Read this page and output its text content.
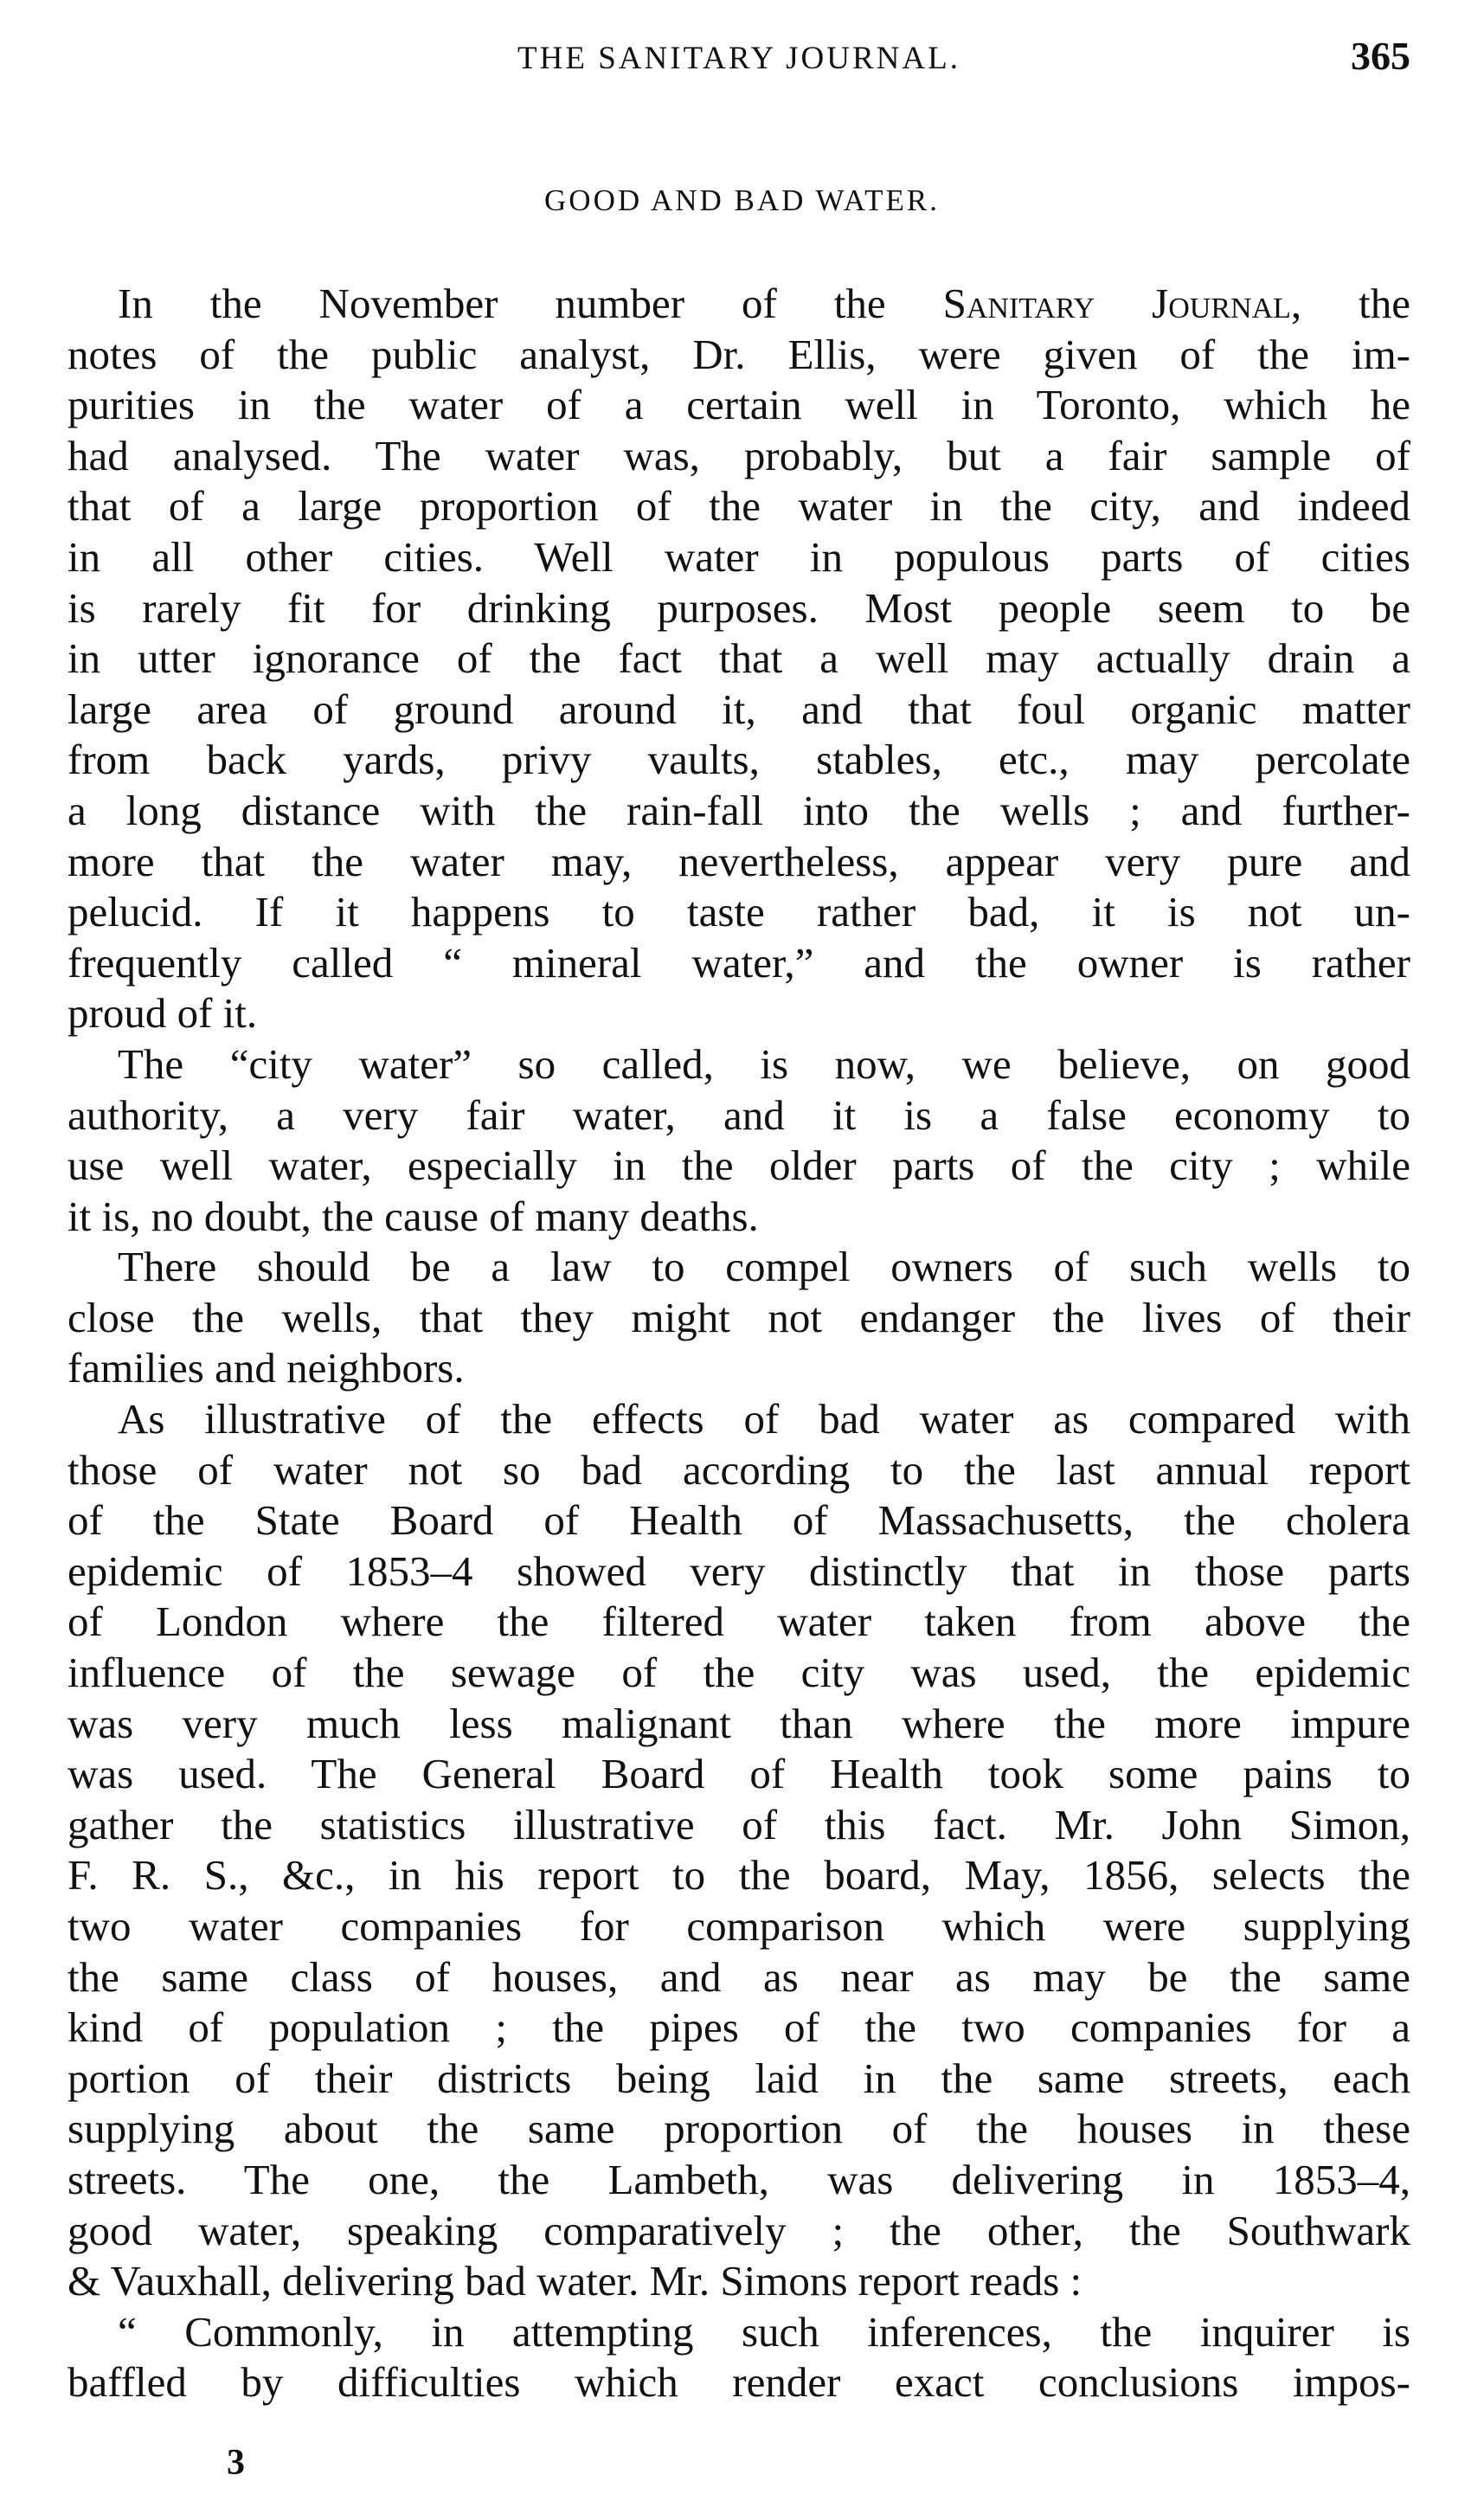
THE SANITARY JOURNAL.	365
GOOD AND BAD WATER.
In the November number of the Sanitary Journal, the
notes of the public analyst, Dr. Ellis, were given of the im-
purities in the water of a certain well in Toronto, which he
had analysed. The water was, probably, but a fair sample of
that of a large proportion of the water in the city, and indeed
in all other cities. Well water in populous parts of cities
is rarely fit for drinking purposes. Most people seem to be
in utter ignorance of the fact that a well may actually drain a
large area of ground around it, and that foul organic matter
from back yards, privy vaults, stables, etc., may percolate
a long distance with the rain-fall into the wells ; and further-
more that the water may, nevertheless, appear very pure and
pelucid. If it happens to taste rather bad, it is not un-
frequently called “ mineral water,” and the owner is rather
proud of it.
The “city water” so called, is now, we believe, on good
authority, a very fair water, and it is a false economy to
use well water, especially in the older parts of the city ; while
it is, no doubt, the cause of many deaths.
There should be a law to compel owners of such wells to
close the wells, that they might not endanger the lives of their
families and neighbors.
As illustrative of the effects of bad water as compared with
those of water not so bad according to the last annual report
of the State Board of Health of Massachusetts, the cholera
epidemic of 1853–4 showed very distinctly that in those parts
of London where the filtered water taken from above the
influence of the sewage of the city was used, the epidemic
was very much less malignant than where the more impure
was used. The General Board of Health took some pains to
gather the statistics illustrative of this fact. Mr. John Simon,
F. R. S., &c., in his report to the board, May, 1856, selects the
two water companies for comparison which were supplying
the same class of houses, and as near as may be the same
kind of population ; the pipes of the two companies for a
portion of their districts being laid in the same streets, each
supplying about the same proportion of the houses in these
streets. The one, the Lambeth, was delivering in 1853–4,
good water, speaking comparatively ; the other, the Southwark
& Vauxhall, delivering bad water. Mr. Simons report reads :
“ Commonly, in attempting such inferences, the inquirer is
baffled by difficulties which render exact conclusions impos-
3
